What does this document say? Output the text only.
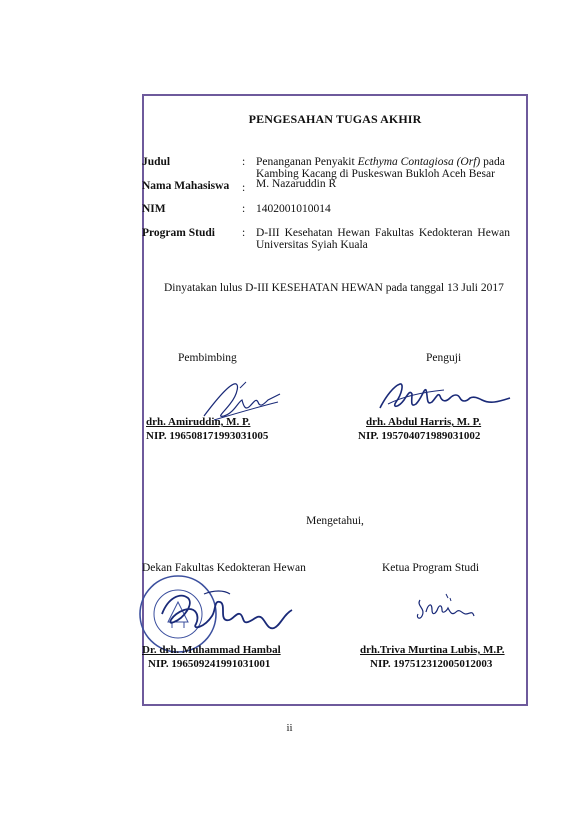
PENGESAHAN TUGAS AKHIR
Judul	: Penanganan Penyakit Ecthyma Contagiosa (Orf) pada Kambing Kacang di Puskeswan Bukloh Aceh Besar
Nama Mahasiswa : M. Nazaruddin R
NIM	: 1402001010014
Program Studi : D-III Kesehatan Hewan Fakultas Kedokteran Hewan Universitas Syiah Kuala
Dinyatakan lulus D-III KESEHATAN HEWAN pada tanggal 13 Juli 2017
Pembimbing
drh. Amiruddin, M. P.
NIP. 196508171993031005
Penguji
drh. Abdul Harris, M. P.
NIP. 195704071989031002
Mengetahui,
Dekan Fakultas Kedokteran Hewan
Dr. drh. Muhammad Hambal
NIP. 196509241991031001
Ketua Program Studi
drh.Triva Murtina Lubis, M.P.
NIP. 197512312005012003
ii
